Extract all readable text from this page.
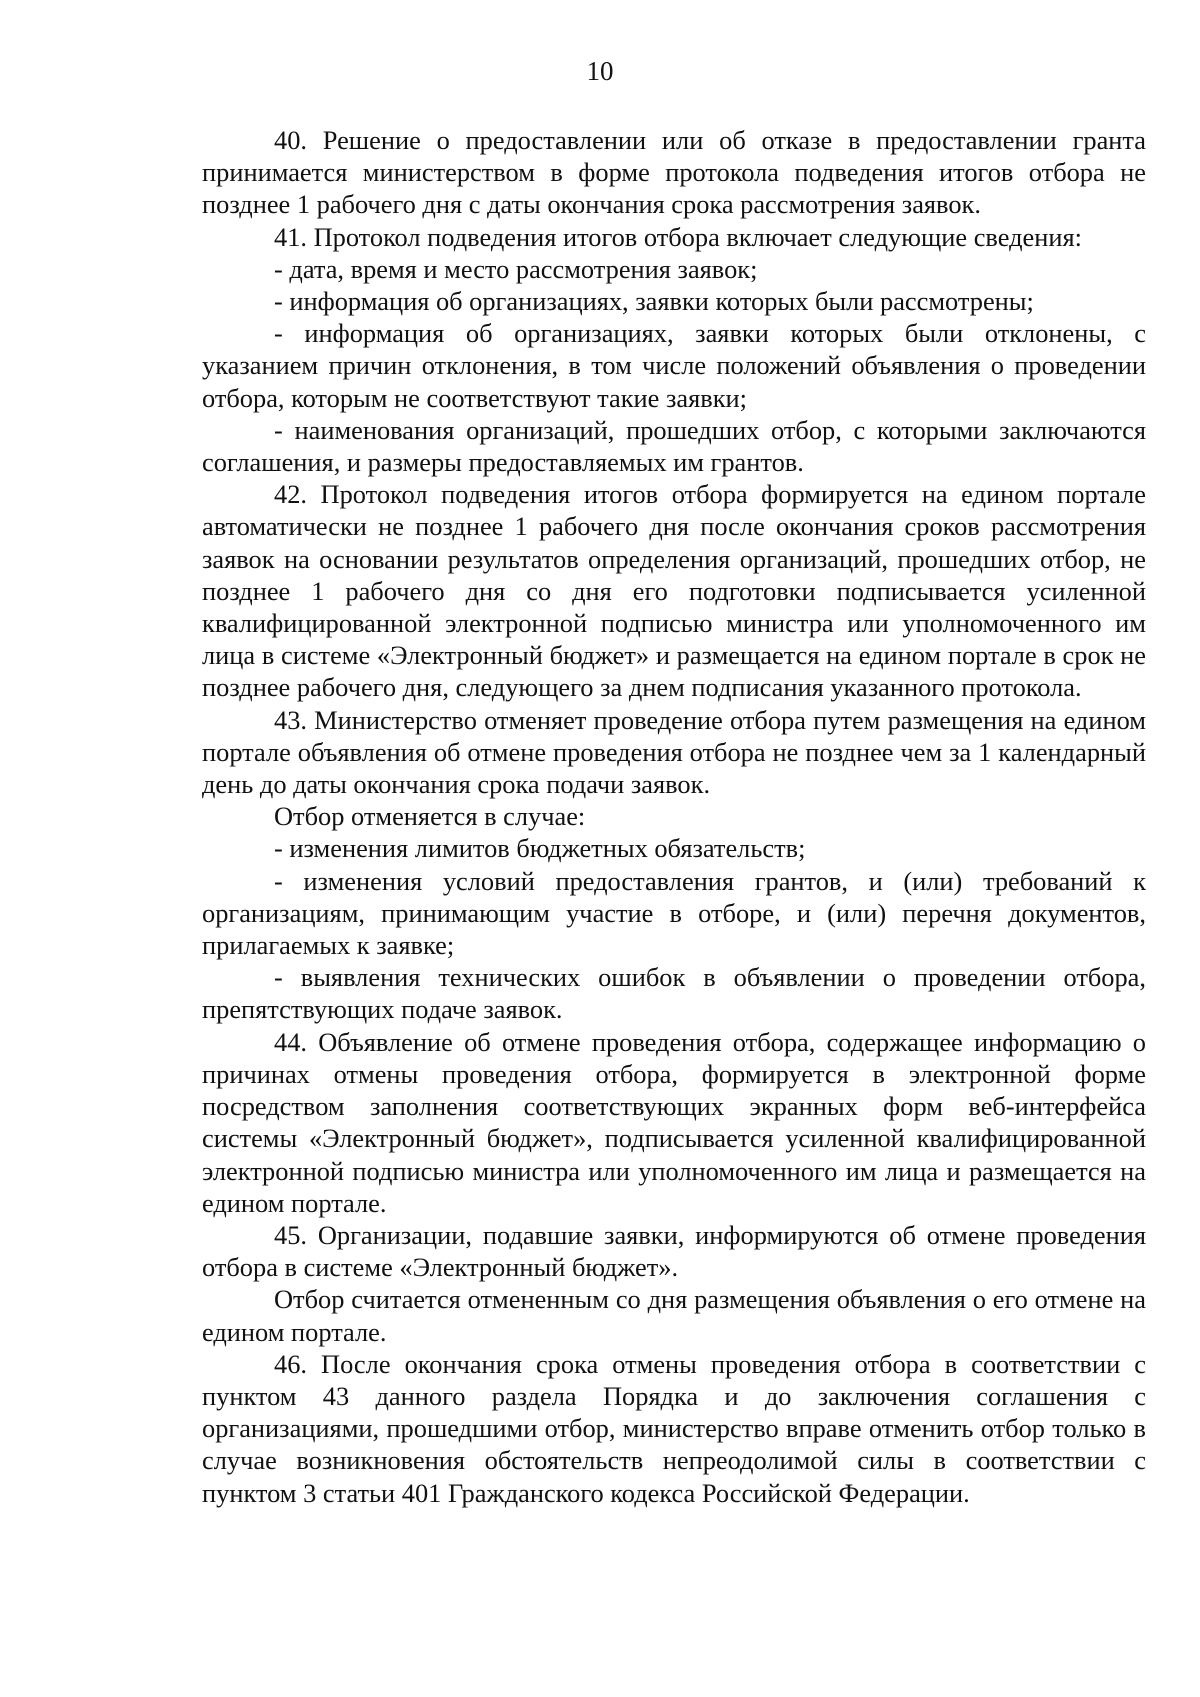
10

40. Решение о предоставлении или об отказе в предоставлении гранта принимается министерством в форме протокола подведения итогов отбора не позднее 1 рабочего дня с даты окончания срока рассмотрения заявок.

41. Протокол подведения итогов отбора включает следующие сведения:

- дата, время и место рассмотрения заявок;

- информация об организациях, заявки которых были рассмотрены;

- информация об организациях, заявки которых были отклонены, с указанием причин отклонения, в том числе положений объявления о проведении отбора, которым не соответствуют такие заявки;

- наименования организаций, прошедших отбор, с которыми заключаются соглашения, и размеры предоставляемых им грантов.

42. Протокол подведения итогов отбора формируется на едином портале автоматически не позднее 1 рабочего дня после окончания сроков рассмотрения заявок на основании результатов определения организаций, прошедших отбор, не позднее 1 рабочего дня со дня его подготовки подписывается усиленной квалифицированной электронной подписью министра или уполномоченного им лица в системе «Электронный бюджет» и размещается на едином портале в срок не позднее рабочего дня, следующего за днем подписания указанного протокола.

43. Министерство отменяет проведение отбора путем размещения на едином портале объявления об отмене проведения отбора не позднее чем за 1 календарный день до даты окончания срока подачи заявок.

Отбор отменяется в случае:

- изменения лимитов бюджетных обязательств;

- изменения условий предоставления грантов, и (или) требований к организациям, принимающим участие в отборе, и (или) перечня документов, прилагаемых к заявке;

- выявления технических ошибок в объявлении о проведении отбора, препятствующих подаче заявок.

44. Объявление об отмене проведения отбора, содержащее информацию о причинах отмены проведения отбора, формируется в электронной форме посредством заполнения соответствующих экранных форм веб-интерфейса системы «Электронный бюджет», подписывается усиленной квалифицированной электронной подписью министра или уполномоченного им лица и размещается на едином портале.

45. Организации, подавшие заявки, информируются об отмене проведения отбора в системе «Электронный бюджет».

Отбор считается отмененным со дня размещения объявления о его отмене на едином портале.

46. После окончания срока отмены проведения отбора в соответствии с пунктом 43 данного раздела Порядка и до заключения соглашения с организациями, прошедшими отбор, министерство вправе отменить отбор только в случае возникновения обстоятельств непреодолимой силы в соответствии с пунктом 3 статьи 401 Гражданского кодекса Российской Федерации.
